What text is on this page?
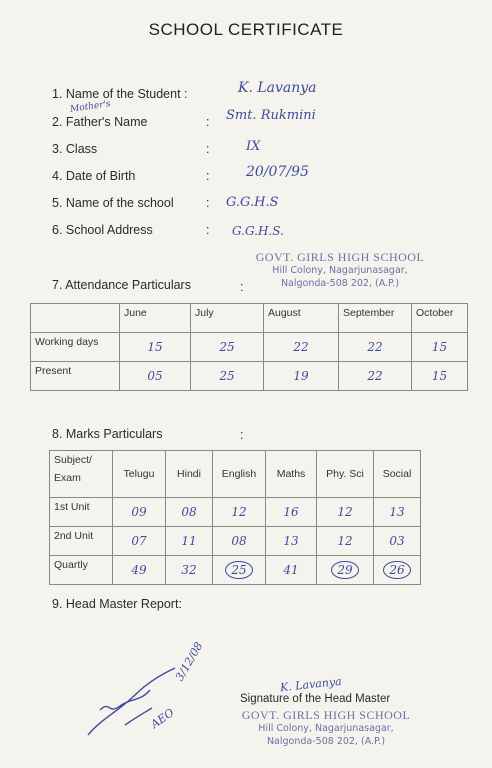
SCHOOL CERTIFICATE
1. Name of the Student :	K. Lavanya
Mother's
2. Father's Name	: Smt. Rukmini
3. Class	:	IX
4. Date of Birth	:	20/07/95
5. Name of the school	: G.G.H.S
6. School Address	: G.G.H.S.
GOVT. GIRLS HIGH SCHOOL
Hill Colony, Nagarjunasagar,
Nalgonda-508 202, (A.P.)
7. Attendance Particulars	:
	June	July	August	September	October
Working days	15	25	22	22	15
Present	05	25	19	22	15
8. Marks Particulars	:
Subject/
Exam	Telugu	Hindi	English	Maths	Phy. Sci	Social
1st Unit	09	08	12	16	12	13
2nd Unit	07	11	08	13	12	03
Quartly	49	32	25	41	29	26
9. Head Master Report:
3/12/08
AEO
K. Lavanya
Signature of the Head Master
GOVT. GIRLS HIGH SCHOOL
Hill Colony, Nagarjunasagar,
Nalgonda-508 202, (A.P.)
